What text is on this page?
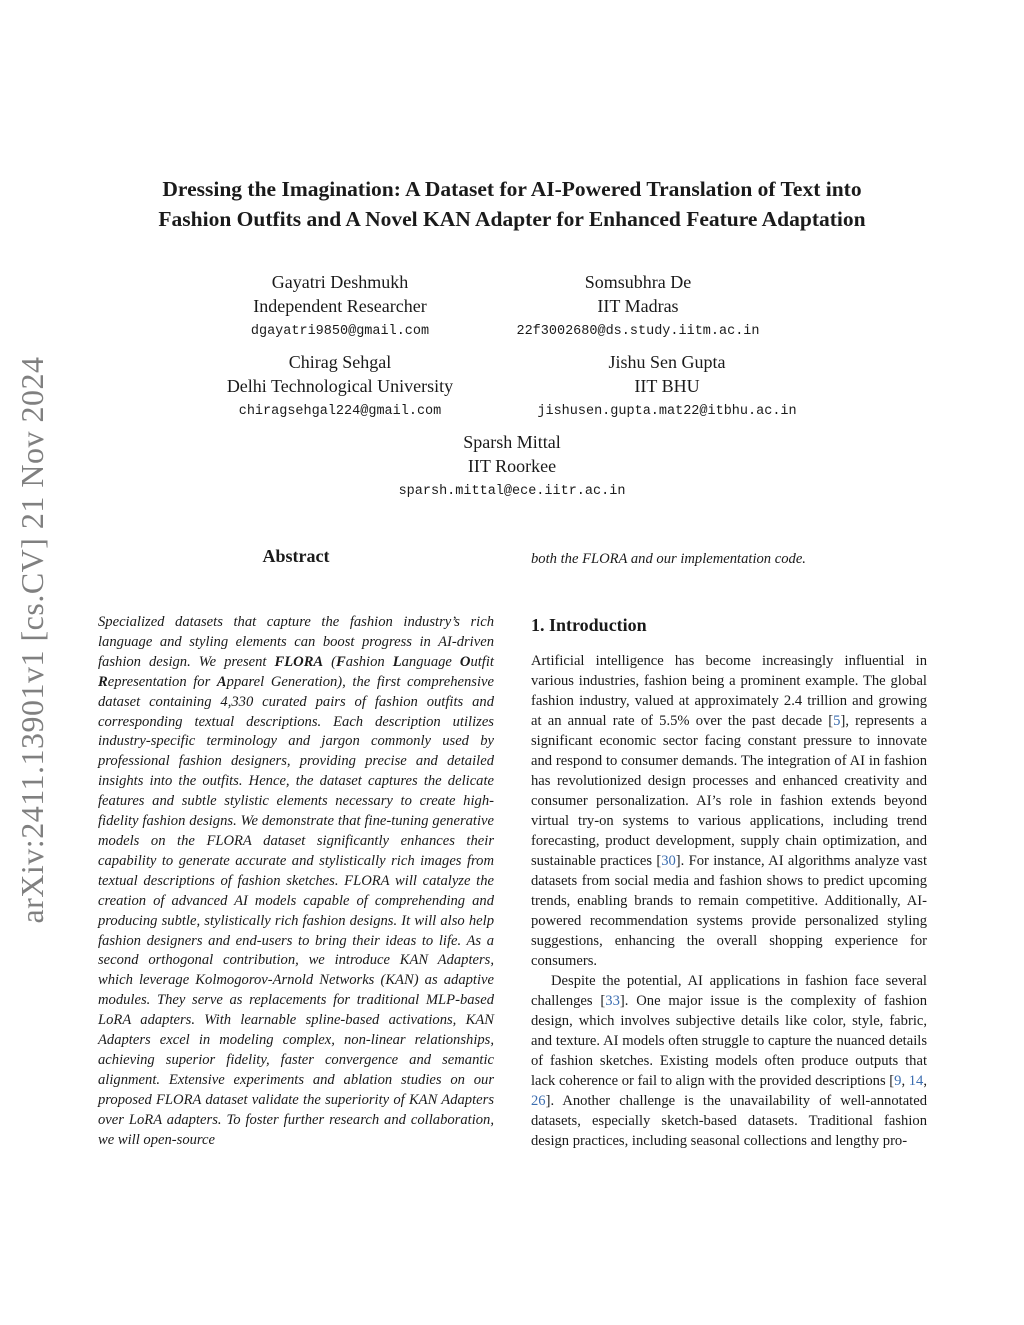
arXiv:2411.13901v1 [cs.CV] 21 Nov 2024
Dressing the Imagination: A Dataset for AI-Powered Translation of Text into
Fashion Outfits and A Novel KAN Adapter for Enhanced Feature Adaptation
Gayatri Deshmukh
Independent Researcher
dgayatri9850@gmail.com
Somsubhra De
IIT Madras
22f3002680@ds.study.iitm.ac.in
Chirag Sehgal
Delhi Technological University
chiragsehgal224@gmail.com
Jishu Sen Gupta
IIT BHU
jishusen.gupta.mat22@itbhu.ac.in
Sparsh Mittal
IIT Roorkee
sparsh.mittal@ece.iitr.ac.in
Abstract
Specialized datasets that capture the fashion industry’s rich language and styling elements can boost progress in AI-driven fashion design. We present FLORA (Fashion Language Outfit Representation for Apparel Generation), the first comprehensive dataset containing 4,330 curated pairs of fashion outfits and corresponding textual descriptions. Each description utilizes industry-specific terminology and jargon commonly used by professional fashion designers, providing precise and detailed insights into the outfits. Hence, the dataset captures the delicate features and subtle stylistic elements necessary to create high-fidelity fashion designs. We demonstrate that fine-tuning generative models on the FLORA dataset significantly enhances their capability to generate accurate and stylistically rich images from textual descriptions of fashion sketches. FLORA will catalyze the creation of advanced AI models capable of comprehending and producing subtle, stylistically rich fashion designs. It will also help fashion designers and end-users to bring their ideas to life. As a second orthogonal contribution, we introduce KAN Adapters, which leverage Kolmogorov-Arnold Networks (KAN) as adaptive modules. They serve as replacements for traditional MLP-based LoRA adapters. With learnable spline-based activations, KAN Adapters excel in modeling complex, non-linear relationships, achieving superior fidelity, faster convergence and semantic alignment. Extensive experiments and ablation studies on our proposed FLORA dataset validate the superiority of KAN Adapters over LoRA adapters. To foster further research and collaboration, we will open-source
both the FLORA and our implementation code.
1. Introduction

Artificial intelligence has become increasingly influential in various industries, fashion being a prominent example. The global fashion industry, valued at approximately 2.4 trillion and growing at an annual rate of 5.5% over the past decade [5], represents a significant economic sector facing constant pressure to innovate and respond to consumer demands. The integration of AI in fashion has revolutionized design processes and enhanced creativity and consumer personalization. AI’s role in fashion extends beyond virtual try-on systems to various applications, including trend forecasting, product development, supply chain optimization, and sustainable practices [30]. For instance, AI algorithms analyze vast datasets from social media and fashion shows to predict upcoming trends, enabling brands to remain competitive. Additionally, AI-powered recommendation systems provide personalized styling suggestions, enhancing the overall shopping experience for consumers.

Despite the potential, AI applications in fashion face several challenges [33]. One major issue is the complexity of fashion design, which involves subjective details like color, style, fabric, and texture. AI models often struggle to capture the nuanced details of fashion sketches. Existing models often produce outputs that lack coherence or fail to align with the provided descriptions [9, 14, 26]. Another challenge is the unavailability of well-annotated datasets, especially sketch-based datasets. Traditional fashion design practices, including seasonal collections and lengthy pro-
